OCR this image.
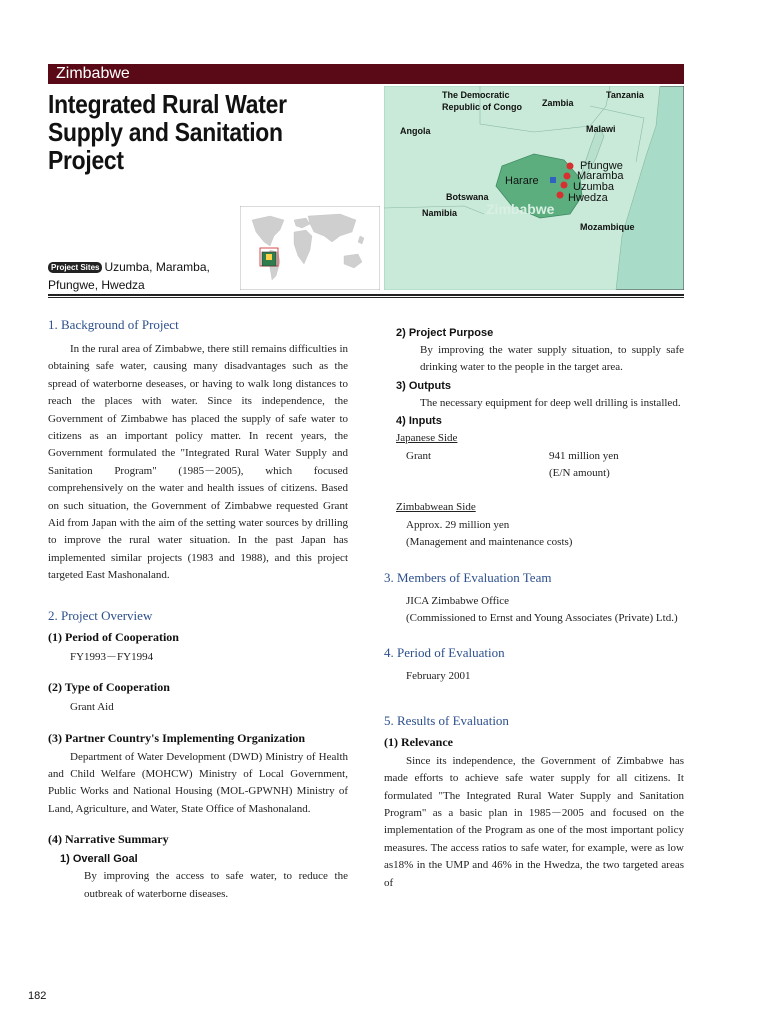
Zimbabwe
Integrated Rural Water
Supply and Sanitation
Project
The Democratic
Republic of Congo Zambia
Tanzania
Angola	Malawi
Botswana
Namibia Zimbabwe
Mozambique
Harare
Pfungwe
Maramba
Uzumba
Hwedza
Project Sites Uzumba, Maramba,
Pfungwe, Hwedza
1. Background of Project
In the rural area of Zimbabwe, there still remains difficulties in obtaining safe water, causing many disadvantages such as the spread of waterborne deseases, or having to walk long distances to reach the places with water. Since its independence, the Government of Zimbabwe has placed the supply of safe water to citizens as an important policy matter. In recent years, the Government formulated the "Integrated Rural Water Supply and Sanitation Program" (1985－2005), which focused comprehensively on the water and health issues of citizens. Based on such situation, the Government of Zimbabwe requested Grant Aid from Japan with the aim of the setting water sources by drilling to improve the rural water situation. In the past Japan has implemented similar projects (1983 and 1988), and this project targeted East Mashonaland.
2. Project Overview
(1) Period of Cooperation
FY1993－FY1994
(2) Type of Cooperation
Grant Aid
(3) Partner Country's Implementing Organization
Department of Water Development (DWD) Ministry of Health and Child Welfare (MOHCW) Ministry of Local Government, Public Works and National Housing (MOL-GPWNH) Ministry of Land, Agriculture, and Water, State Office of Mashonaland.
(4) Narrative Summary
1) Overall Goal
By improving the access to safe water, to reduce the outbreak of waterborne diseases.
2) Project Purpose
By improving the water supply situation, to supply safe drinking water to the people in the target area.
3) Outputs
The necessary equipment for deep well drilling is installed.
4) Inputs
Japanese Side
Grant	941 million yen
(E/N amount)
Zimbabwean Side
Approx. 29 million yen
(Management and maintenance costs)
3. Members of Evaluation Team
JICA Zimbabwe Office
(Commissioned to Ernst and Young Associates (Private) Ltd.)
4. Period of Evaluation
February 2001
5. Results of Evaluation
(1) Relevance
Since its independence, the Government of Zimbabwe has made efforts to achieve safe water supply for all citizens. It formulated "The Integrated Rural Water Supply and Sanitation Program" as a basic plan in 1985－2005 and focused on the implementation of the Program as one of the most important policy measures. The access ratios to safe water, for example, were as low as18% in the UMP and 46% in the Hwedza, the two targeted areas of
182
